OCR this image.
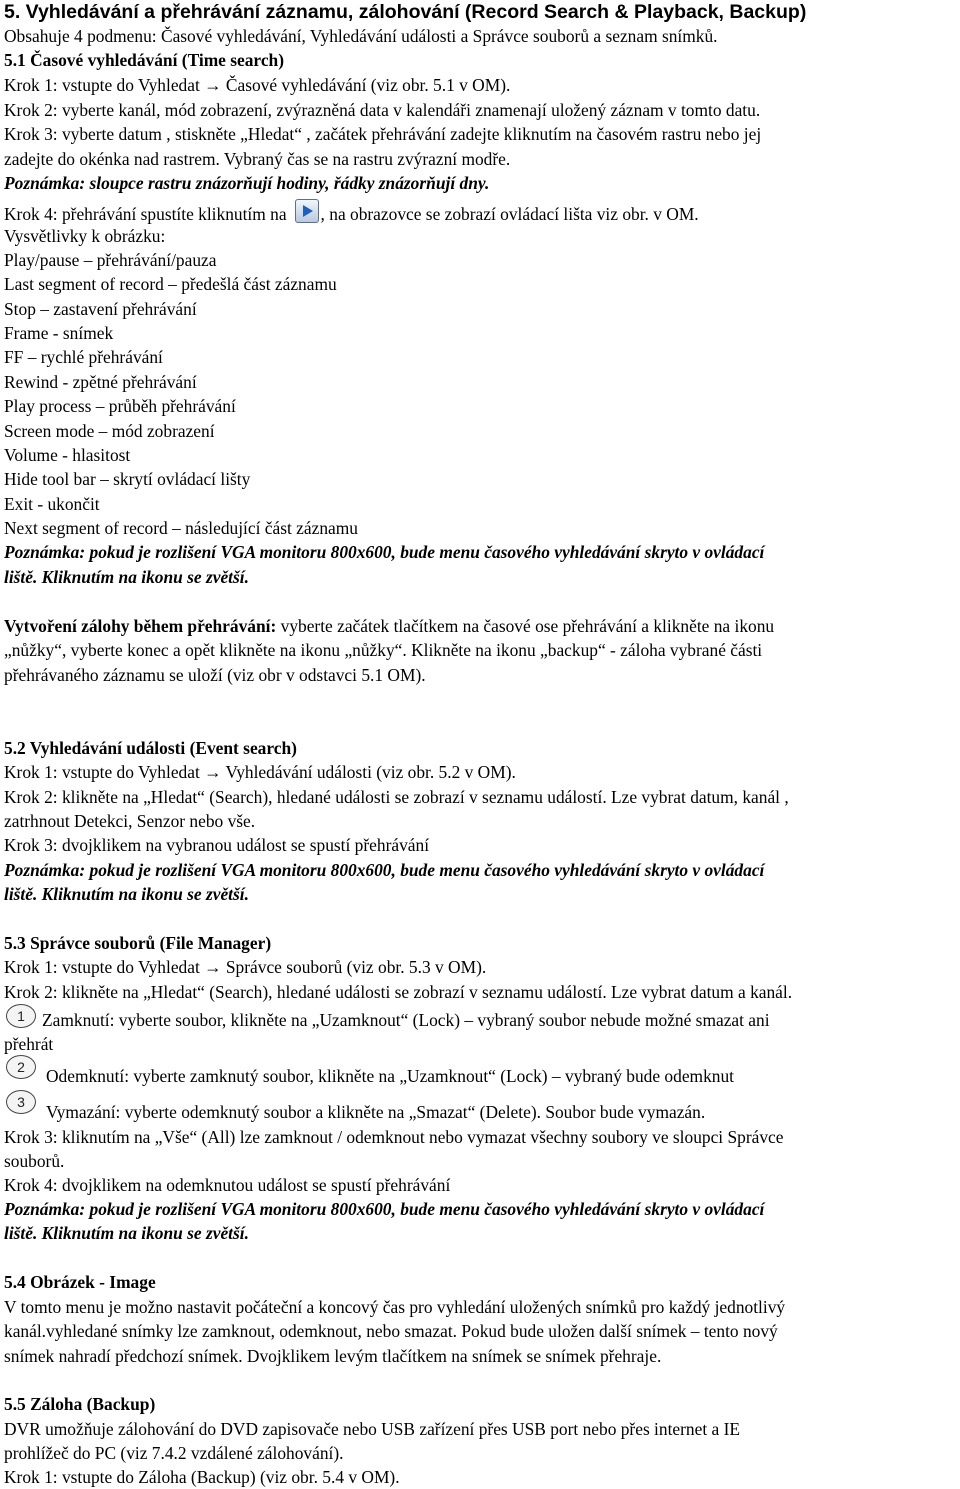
5. Vyhledávání a přehrávání záznamu, zálohování (Record Search & Playback, Backup)
Obsahuje 4 podmenu: Časové vyhledávání, Vyhledávání události a Správce souborů a seznam snímků.
5.1 Časové vyhledávání (Time search)
Krok 1: vstupte do Vyhledat → Časové vyhledávání (viz obr. 5.1 v OM).
Krok 2: vyberte kanál, mód zobrazení, zvýrazněná data v kalendáři znamenají uložený záznam v tomto datu.
Krok 3: vyberte datum , stiskněte „Hledat“ , začátek přehrávání zadejte kliknutím na časovém rastru nebo jej
zadejte do okénka nad rastrem. Vybraný čas se na rastru zvýrazní modře.
Poznámka: sloupce rastru znázorňují hodiny, řádky znázorňují dny.
Krok 4: přehrávání spustíte kliknutím na , na obrazovce se zobrazí ovládací lišta viz obr. v OM.
Vysvětlivky k obrázku:
Play/pause – přehrávání/pauza
Last segment of record – předešlá část záznamu
Stop – zastavení přehrávání
Frame - snímek
FF – rychlé přehrávání
Rewind - zpětné přehrávání
Play process – průběh přehrávání
Screen mode – mód zobrazení
Volume - hlasitost
Hide tool bar – skrytí ovládací lišty
Exit - ukončit
Next segment of record – následující část záznamu
Poznámka: pokud je rozlišení VGA monitoru 800x600, bude menu časového vyhledávání skryto v ovládací
liště. Kliknutím na ikonu se zvětší.
Vytvoření zálohy během přehrávání: vyberte začátek tlačítkem na časové ose přehrávání a klikněte na ikonu
„nůžky“, vyberte konec a opět klikněte na ikonu „nůžky“. Klikněte na ikonu „backup“ - záloha vybrané části
přehrávaného záznamu se uloží (viz obr v odstavci 5.1 OM).
5.2 Vyhledávání události (Event search)
Krok 1: vstupte do Vyhledat → Vyhledávání události (viz obr. 5.2 v OM).
Krok 2: klikněte na „Hledat“ (Search), hledané události se zobrazí v seznamu událostí. Lze vybrat datum, kanál ,
zatrhnout Detekci, Senzor nebo vše.
Krok 3: dvojklikem na vybranou událost se spustí přehrávání
Poznámka: pokud je rozlišení VGA monitoru 800x600, bude menu časového vyhledávání skryto v ovládací
liště. Kliknutím na ikonu se zvětší.
5.3 Správce souborů (File Manager)
Krok 1: vstupte do Vyhledat → Správce souborů (viz obr. 5.3 v OM).
Krok 2: klikněte na „Hledat“ (Search), hledané události se zobrazí v seznamu událostí. Lze vybrat datum a kanál.
1 Zamknutí: vyberte soubor, klikněte na „Uzamknout“ (Lock) – vybraný soubor nebude možné smazat ani
přehrát
2	Odemknutí: vyberte zamknutý soubor, klikněte na „Uzamknout“ (Lock) – vybraný bude odemknut
3	Vymazání: vyberte odemknutý soubor a klikněte na „Smazat“ (Delete). Soubor bude vymazán.
Krok 3: kliknutím na „Vše“ (All) lze zamknout / odemknout nebo vymazat všechny soubory ve sloupci Správce
souborů.
Krok 4: dvojklikem na odemknutou událost se spustí přehrávání
Poznámka: pokud je rozlišení VGA monitoru 800x600, bude menu časového vyhledávání skryto v ovládací
liště. Kliknutím na ikonu se zvětší.
5.4 Obrázek - Image
V tomto menu je možno nastavit počáteční a koncový čas pro vyhledání uložených snímků pro každý jednotlivý
kanál.vyhledané snímky lze zamknout, odemknout, nebo smazat. Pokud bude uložen další snímek – tento nový
snímek nahradí předchozí snímek. Dvojklikem levým tlačítkem na snímek se snímek přehraje.
5.5 Záloha (Backup)
DVR umožňuje zálohování do DVD zapisovače nebo USB zařízení přes USB port nebo přes internet a IE
prohlížeč do PC (viz 7.4.2 vzdálené zálohování).
Krok 1: vstupte do Záloha (Backup) (viz obr. 5.4 v OM).
